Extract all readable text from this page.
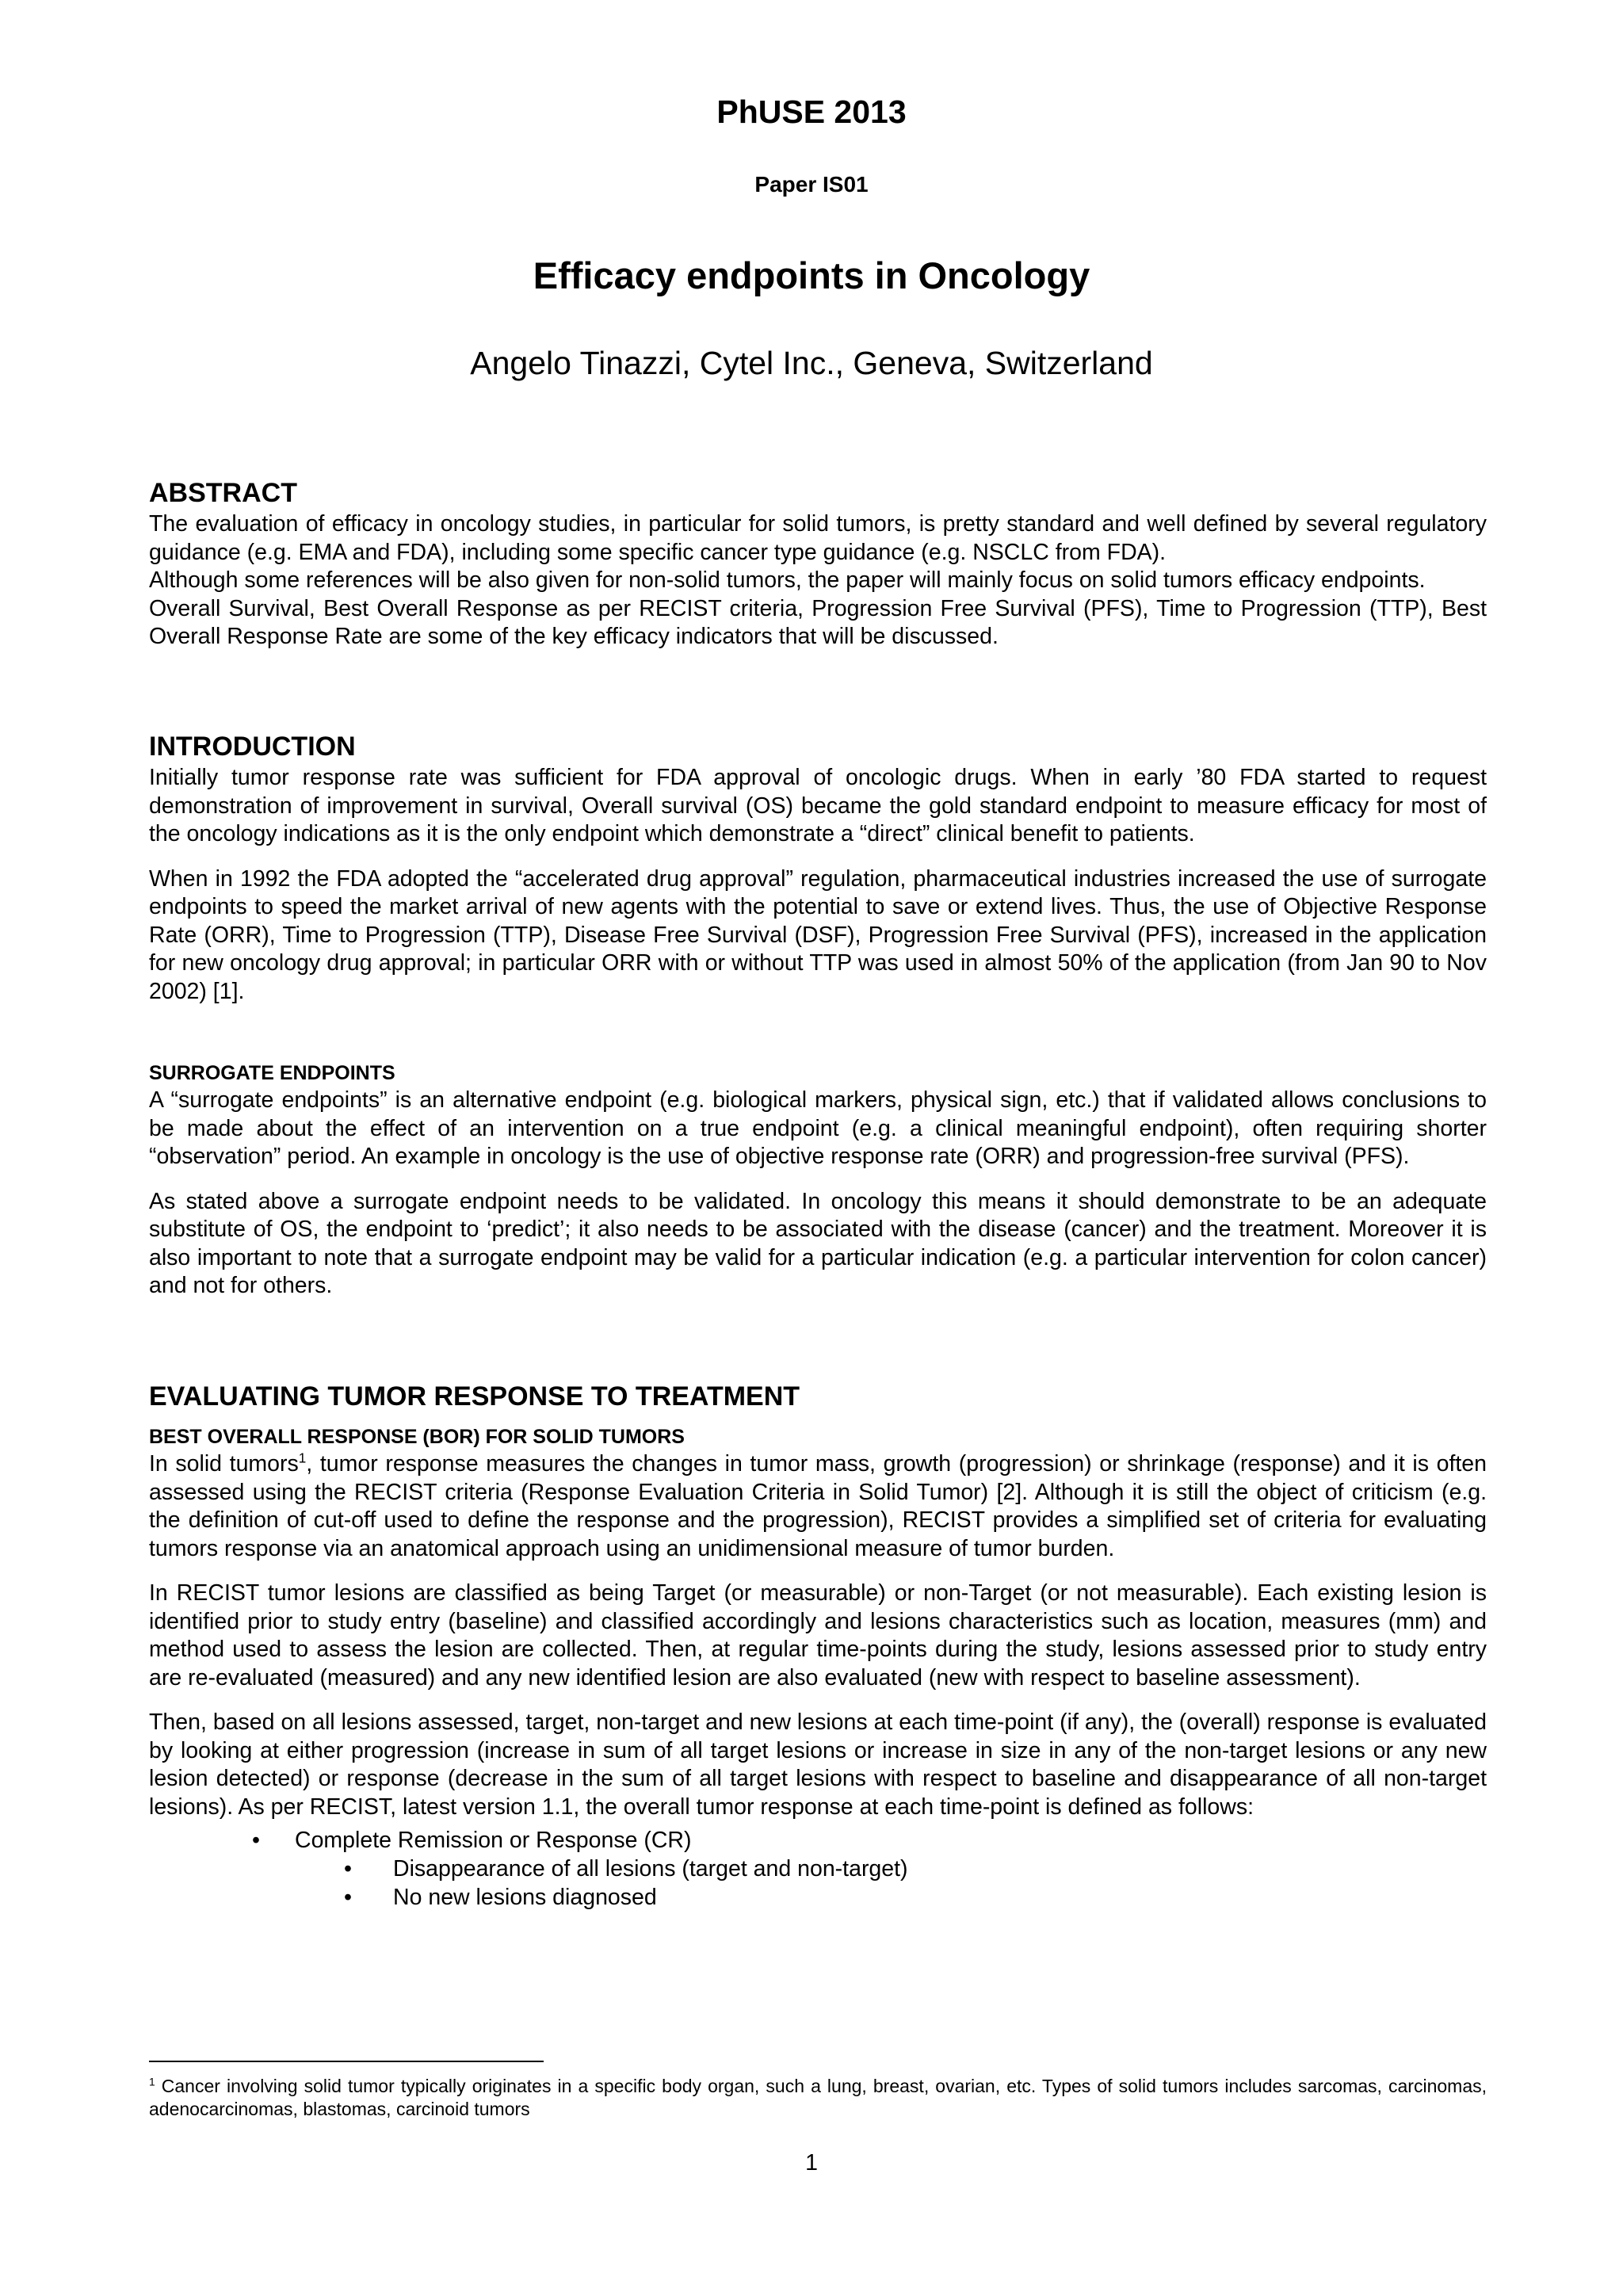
PhUSE 2013
Paper IS01
Efficacy endpoints in Oncology
Angelo Tinazzi, Cytel Inc., Geneva, Switzerland
ABSTRACT

The evaluation of efficacy in oncology studies, in particular for solid tumors, is pretty standard and well defined by several regulatory guidance (e.g. EMA and FDA), including some specific cancer type guidance (e.g. NSCLC from FDA).

Although some references will be also given for non-solid tumors, the paper will mainly focus on solid tumors efficacy endpoints.

Overall Survival, Best Overall Response as per RECIST criteria, Progression Free Survival (PFS), Time to Progression (TTP), Best Overall Response Rate are some of the key efficacy indicators that will be discussed.

INTRODUCTION

Initially tumor response rate was sufficient for FDA approval of oncologic drugs. When in early ’80 FDA started to request demonstration of improvement in survival, Overall survival (OS) became the gold standard endpoint to measure efficacy for most of the oncology indications as it is the only endpoint which demonstrate a “direct” clinical benefit to patients.

When in 1992 the FDA adopted the “accelerated drug approval” regulation, pharmaceutical industries increased the use of surrogate endpoints to speed the market arrival of new agents with the potential to save or extend lives. Thus, the use of Objective Response Rate (ORR), Time to Progression (TTP), Disease Free Survival (DSF), Progression Free Survival (PFS), increased in the application for new oncology drug approval; in particular ORR with or without TTP was used in almost 50% of the application (from Jan 90 to Nov 2002) [1].

SURROGATE ENDPOINTS

A “surrogate endpoints” is an alternative endpoint (e.g. biological markers, physical sign, etc.) that if validated allows conclusions to be made about the effect of an intervention on a true endpoint (e.g. a clinical meaningful endpoint), often requiring shorter “observation” period. An example in oncology is the use of objective response rate (ORR) and progression-free survival (PFS).

As stated above a surrogate endpoint needs to be validated. In oncology this means it should demonstrate to be an adequate substitute of OS, the endpoint to ‘predict’; it also needs to be associated with the disease (cancer) and the treatment. Moreover it is also important to note that a surrogate endpoint may be valid for a particular indication (e.g. a particular intervention for colon cancer) and not for others.

EVALUATING TUMOR RESPONSE TO TREATMENT
BEST OVERALL RESPONSE (BOR) FOR SOLID TUMORS

In solid tumors$^1$, tumor response measures the changes in tumor mass, growth (progression) or shrinkage (response) and it is often assessed using the RECIST criteria (Response Evaluation Criteria in Solid Tumor) [2]. Although it is still the object of criticism (e.g. the definition of cut-off used to define the response and the progression), RECIST provides a simplified set of criteria for evaluating tumors response via an anatomical approach using an unidimensional measure of tumor burden.

In RECIST tumor lesions are classified as being Target (or measurable) or non-Target (or not measurable). Each existing lesion is identified prior to study entry (baseline) and classified accordingly and lesions characteristics such as location, measures (mm) and method used to assess the lesion are collected. Then, at regular time-points during the study, lesions assessed prior to study entry are re-evaluated (measured) and any new identified lesion are also evaluated (new with respect to baseline assessment).

Then, based on all lesions assessed, target, non-target and new lesions at each time-point (if any), the (overall) response is evaluated by looking at either progression (increase in sum of all target lesions or increase in size in any of the non-target lesions or any new lesion detected) or response (decrease in the sum of all target lesions with respect to baseline and disappearance of all non-target lesions). As per RECIST, latest version 1.1, the overall tumor response at each time-point is defined as follows:

• Complete Remission or Response (CR)
• Disappearance of all lesions (target and non-target)
• No new lesions diagnosed
$^1$ Cancer involving solid tumor typically originates in a specific body organ, such a lung, breast, ovarian, etc. Types of solid tumors includes sarcomas, carcinomas, adenocarcinomas, blastomas, carcinoid tumors
1
